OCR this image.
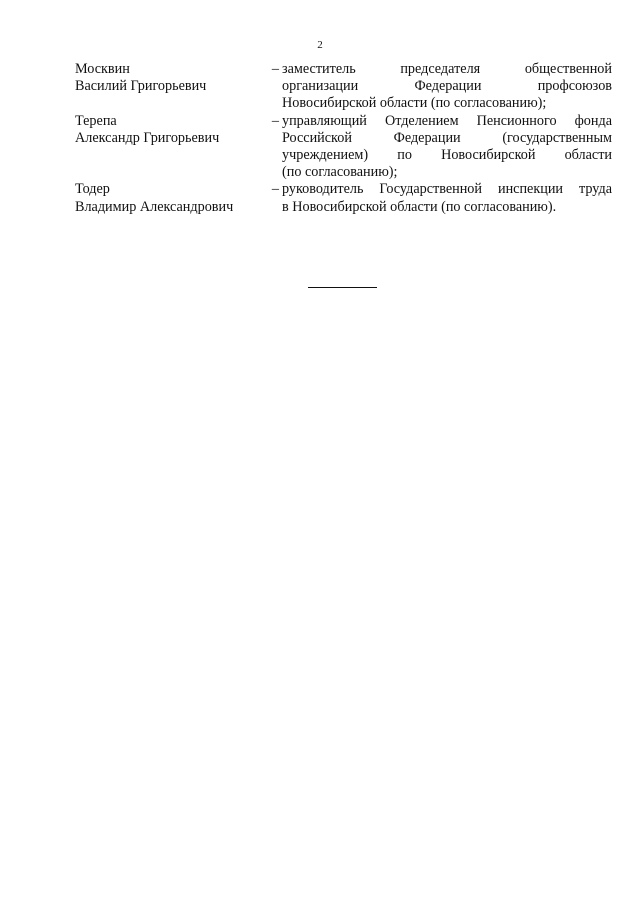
2
Москвин
Василий Григорьевич
– заместитель председателя общественной
организации Федерации профсоюзов
Новосибирской области (по согласованию);
Терепа
Александр Григорьевич
– управляющий Отделением Пенсионного фонда
Российской Федерации (государственным
учреждением) по Новосибирской области
(по согласованию);
Тодер
Владимир Александрович
– руководитель Государственной инспекции труда
в Новосибирской области (по согласованию).
